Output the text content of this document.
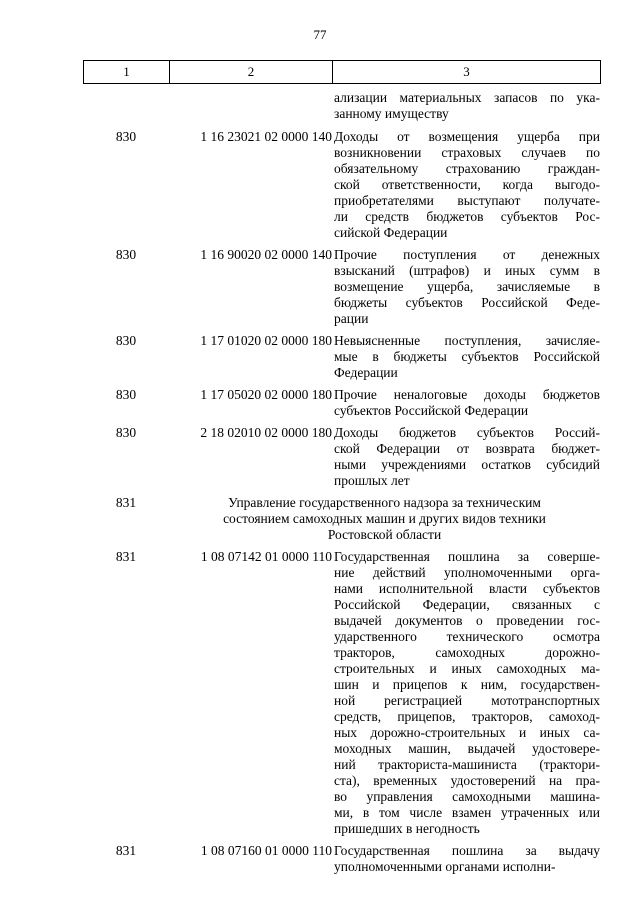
77
1	2	3
ализации материальных запасов по ука-
занному имуществу
830	1 16 23021 02 0000 140 Доходы от возмещения ущерба при
возникновении страховых случаев по
обязательному страхованию граждан-
ской ответственности, когда выгодо-
приобретателями выступают получате-
ли средств бюджетов субъектов Рос-
сийской Федерации
830	1 16 90020 02 0000 140 Прочие поступления от денежных
взысканий (штрафов) и иных сумм в
возмещение ущерба, зачисляемые в
бюджеты субъектов Российской Феде-
рации
830	1 17 01020 02 0000 180 Невыясненные поступления, зачисляе-
мые в бюджеты субъектов Российской
Федерации
830	1 17 05020 02 0000 180 Прочие неналоговые доходы бюджетов
субъектов Российской Федерации
830	2 18 02010 02 0000 180 Доходы бюджетов субъектов Россий-
ской Федерации от возврата бюджет-
ными учреждениями остатков субсидий
прошлых лет
831	Управление государственного надзора за техническим
состоянием самоходных машин и других видов техники
Ростовской области
831	1 08 07142 01 0000 110 Государственная пошлина за соверше-
ние действий уполномоченными орга-
нами исполнительной власти субъектов
Российской Федерации, связанных с
выдачей документов о проведении гос-
ударственного технического осмотра
тракторов, самоходных дорожно-
строительных и иных самоходных ма-
шин и прицепов к ним, государствен-
ной регистрацией мототранспортных
средств, прицепов, тракторов, самоход-
ных дорожно-строительных и иных са-
моходных машин, выдачей удостовере-
ний тракториста-машиниста (трактори-
ста), временных удостоверений на пра-
во управления самоходными машина-
ми, в том числе взамен утраченных или
пришедших в негодность
831	1 08 07160 01 0000 110 Государственная пошлина за выдачу
уполномоченными органами исполни-
